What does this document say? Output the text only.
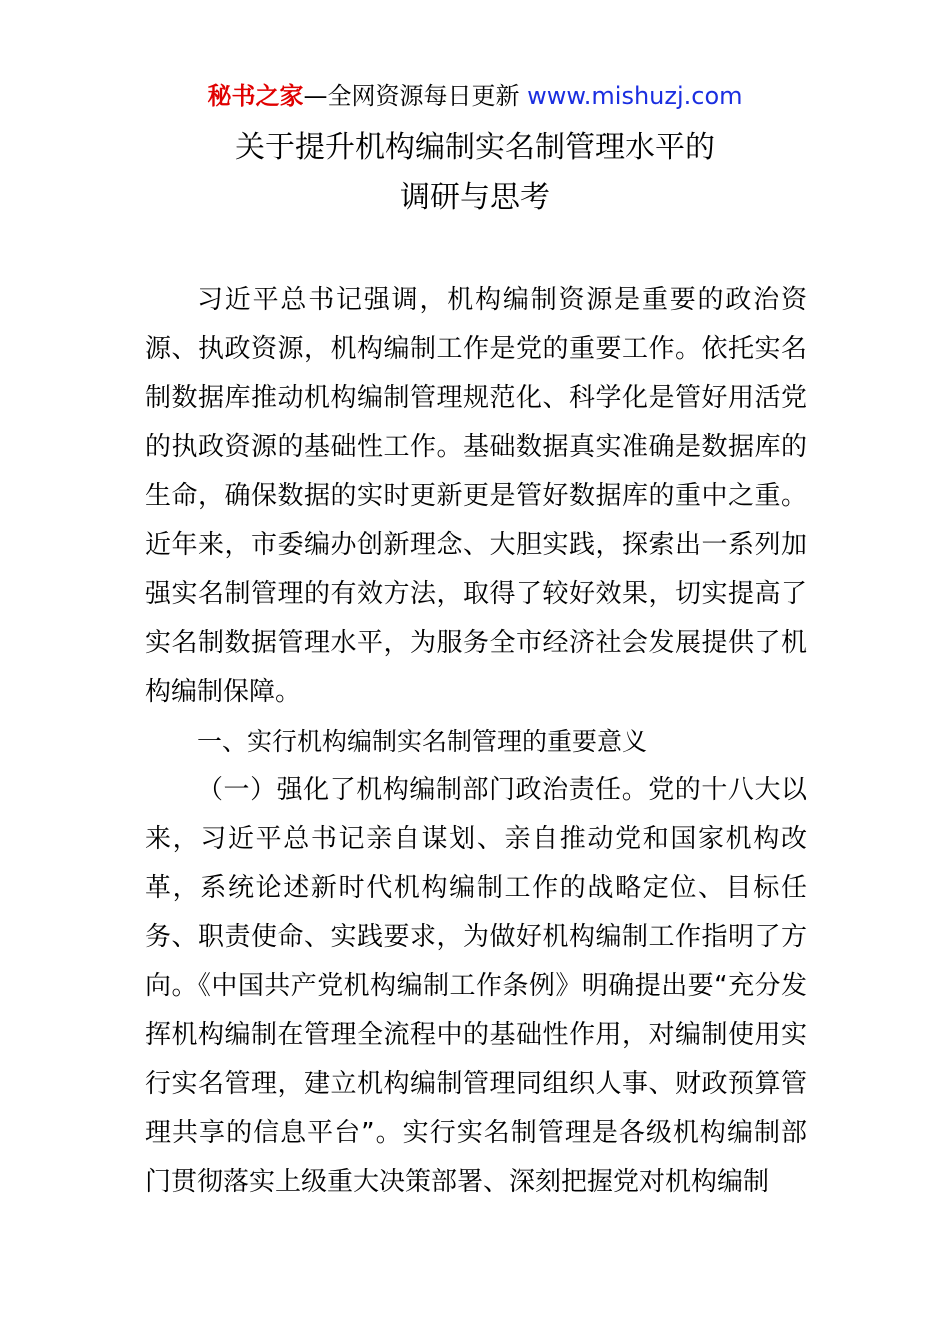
秘书之家—全网资源每日更新 www.mishuzj.com
关于提升机构编制实名制管理水平的
调研与思考

习近平总书记强调，机构编制资源是重要的政治资源、执政资源，机构编制工作是党的重要工作。依托实名制数据库推动机构编制管理规范化、科学化是管好用活党的执政资源的基础性工作。基础数据真实准确是数据库的生命，确保数据的实时更新更是管好数据库的重中之重。近年来，市委编办创新理念、大胆实践，探索出一系列加强实名制管理的有效方法，取得了较好效果，切实提高了实名制数据管理水平，为服务全市经济社会发展提供了机构编制保障。

一、实行机构编制实名制管理的重要意义

（一）强化了机构编制部门政治责任。党的十八大以来，习近平总书记亲自谋划、亲自推动党和国家机构改革，系统论述新时代机构编制工作的战略定位、目标任务、职责使命、实践要求，为做好机构编制工作指明了方向。《中国共产党机构编制工作条例》明确提出要“充分发挥机构编制在管理全流程中的基础性作用，对编制使用实行实名管理，建立机构编制管理同组织人事、财政预算管理共享的信息平台”。实行实名制管理是各级机构编制部门贯彻落实上级重大决策部署、深刻把握党对机构编制
